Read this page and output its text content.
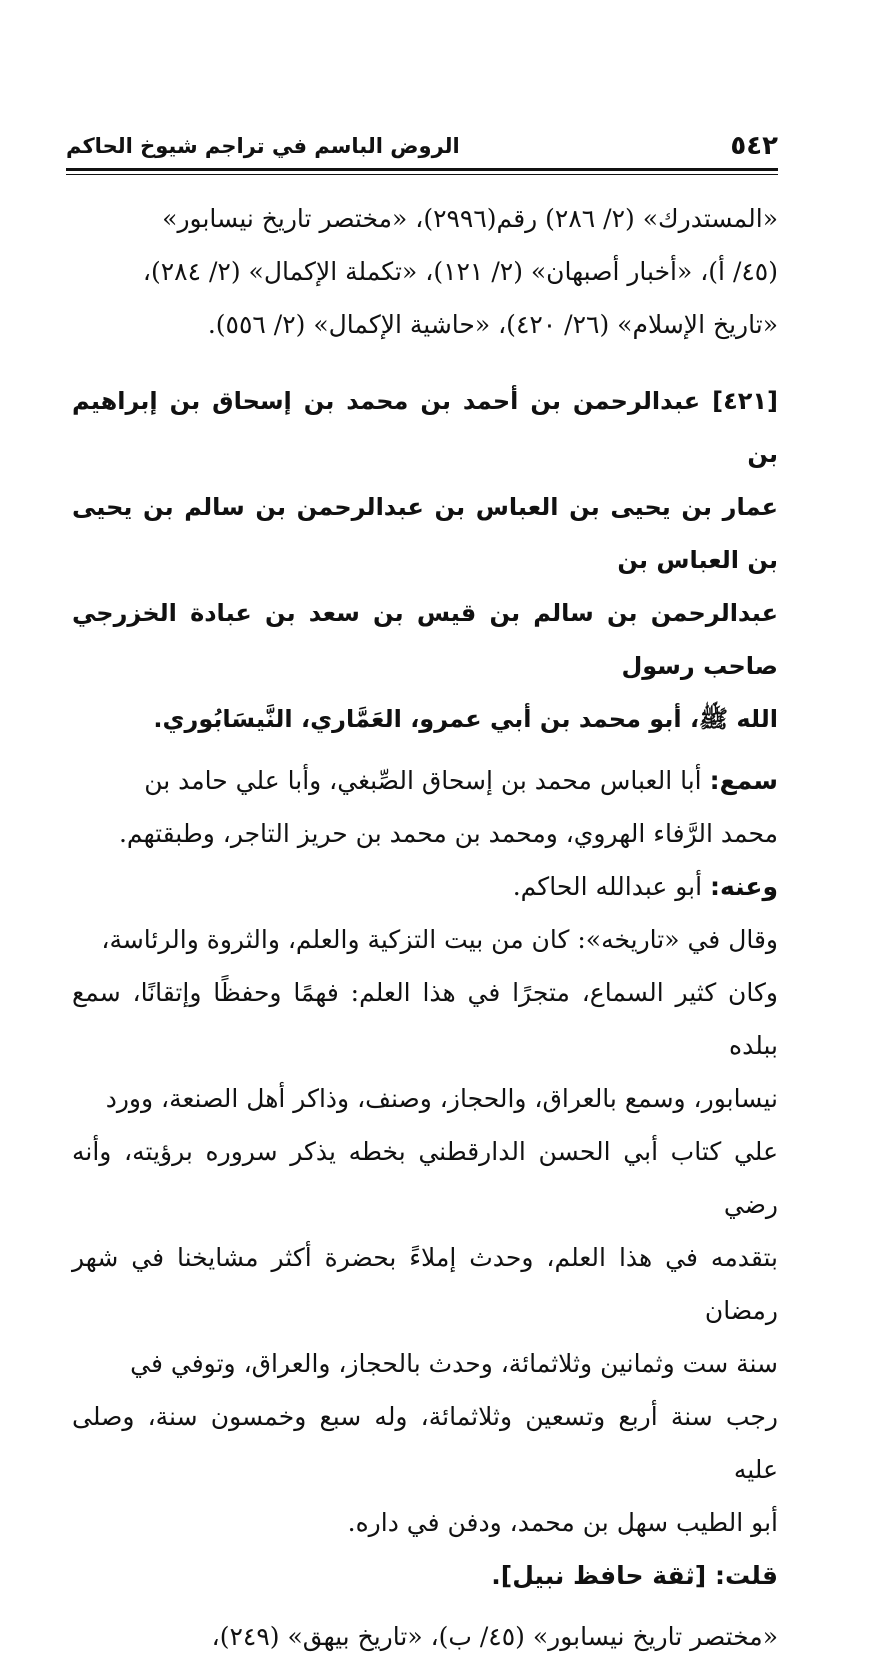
٥٤٢
الروض الباسم في تراجم شيوخ الحاكم

«المستدرك» (٢/ ٢٨٦) رقم(٢٩٩٦)، «مختصر تاريخ نيسابور»
(٤٥/ أ)، «أخبار أصبهان» (٢/ ١٢١)، «تكملة الإكمال» (٢/ ٢٨٤)،
«تاريخ الإسلام» (٢٦/ ٤٢٠)، «حاشية الإكمال» (٢/ ٥٥٦).

[٤٢١] عبدالرحمن بن أحمد بن محمد بن إسحاق بن إبراهيم بن
عمار بن يحيى بن العباس بن عبدالرحمن بن سالم بن يحيى بن العباس بن
عبدالرحمن بن سالم بن قيس بن سعد بن عبادة الخزرجي صاحب رسول
الله ﷺ، أبو محمد بن أبي عمرو، العَمَّاري، النَّيسَابُوري.

سمع: أبا العباس محمد بن إسحاق الصِّبغي، وأبا علي حامد بن
محمد الرَّفاء الهروي، ومحمد بن محمد بن حريز التاجر، وطبقتهم.

وعنه: أبو عبدالله الحاكم.

وقال في «تاريخه»: كان من بيت التزكية والعلم، والثروة والرئاسة،
وكان كثير السماع، متجرًا في هذا العلم: فهمًا وحفظًا وإتقانًا، سمع ببلده
نيسابور، وسمع بالعراق، والحجاز، وصنف، وذاكر أهل الصنعة، وورد
علي كتاب أبي الحسن الدارقطني بخطه يذكر سروره برؤيته، وأنه رضي
بتقدمه في هذا العلم، وحدث إملاءً بحضرة أكثر مشايخنا في شهر رمضان
سنة ست وثمانين وثلاثمائة، وحدث بالحجاز، والعراق، وتوفي في
رجب سنة أربع وتسعين وثلاثمائة، وله سبع وخمسون سنة، وصلى عليه
أبو الطيب سهل بن محمد، ودفن في داره.

قلت: [ثقة حافظ نبيل].

«مختصر تاريخ نيسابور» (٤٥/ ب)، «تاريخ بيهق» (٢٤٩)،
